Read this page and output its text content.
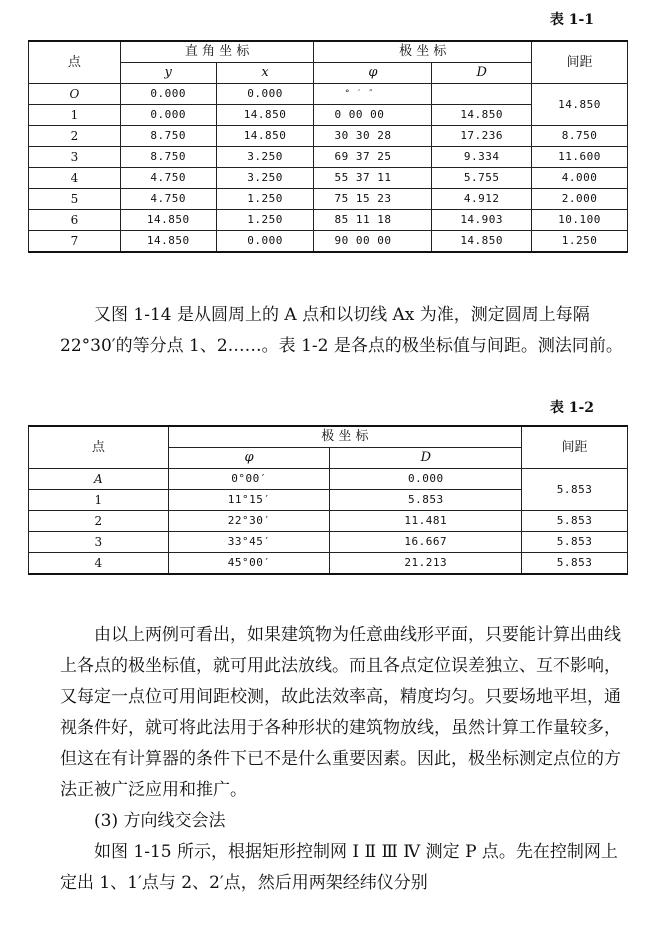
表 1-1
点	直 角 坐 标		极 坐 标		间距
	y	x	φ	D	
O	0.000	0.000	° ′ ″		14.850
1	0.000	14.850	0 00 00	14.850	
2	8.750	14.850	30 30 28	17.236	8.750
3	8.750	3.250	69 37 25	9.334	11.600
4	4.750	3.250	55 37 11	5.755	4.000
5	4.750	1.250	75 15 23	4.912	2.000
6	14.850	1.250	85 11 18	14.903	10.100
7	14.850	0.000	90 00 00	14.850	1.250

又图 1-14 是从圆周上的 A 点和以切线 Ax 为准，测定圆周上每隔 22°30′的等分点 1、2……。表 1-2 是各点的极坐标值与间距。测法同前。

表 1-2
点	极 坐 标		间距
	φ	D	
A	0°00′	0.000	5.853
1	11°15′	5.853	
2	22°30′	11.481	5.853
3	33°45′	16.667	5.853
4	45°00′	21.213	5.853

由以上两例可看出，如果建筑物为任意曲线形平面，只要能计算出曲线上各点的极坐标值，就可用此法放线。而且各点定位误差独立、互不影响，又每定一点位可用间距校测，故此法效率高，精度均匀。只要场地平坦，通视条件好，就可将此法用于各种形状的建筑物放线，虽然计算工作量较多，但这在有计算器的条件下已不是什么重要因素。因此，极坐标测定点位的方法正被广泛应用和推广。

(3) 方向线交会法

如图 1-15 所示，根据矩形控制网 Ⅰ Ⅱ Ⅲ Ⅳ 测定 P 点。先在控制网上定出 1、1′点与 2、2′点，然后用两架经纬仪分别
